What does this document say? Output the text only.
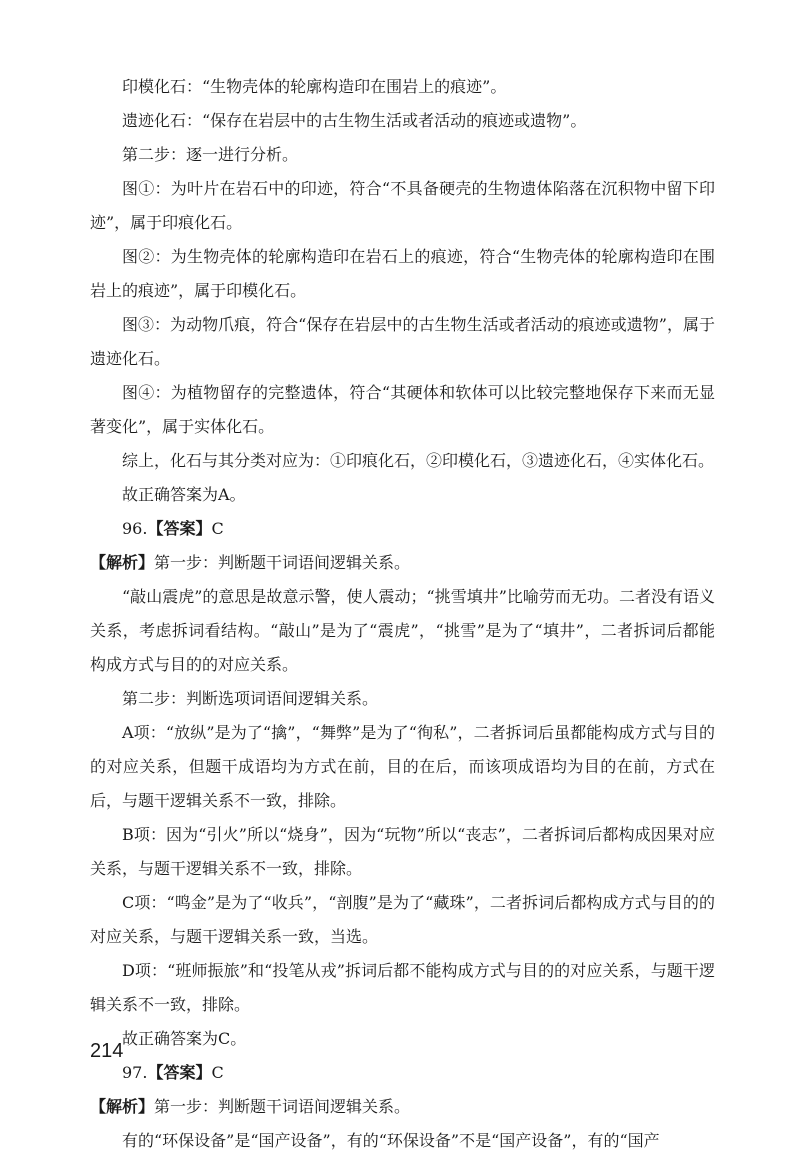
印模化石：“生物壳体的轮廓构造印在围岩上的痕迹”。

遗迹化石：“保存在岩层中的古生物生活或者活动的痕迹或遗物”。

第二步：逐一进行分析。

图①：为叶片在岩石中的印迹，符合“不具备硬壳的生物遗体陷落在沉积物中留下印迹”，属于印痕化石。

图②：为生物壳体的轮廓构造印在岩石上的痕迹，符合“生物壳体的轮廓构造印在围岩上的痕迹”，属于印模化石。

图③：为动物爪痕，符合“保存在岩层中的古生物生活或者活动的痕迹或遗物”，属于遗迹化石。

图④：为植物留存的完整遗体，符合“其硬体和软体可以比较完整地保存下来而无显著变化”，属于实体化石。

综上，化石与其分类对应为：①印痕化石，②印模化石，③遗迹化石，④实体化石。

故正确答案为A。

96.【答案】C

【解析】第一步：判断题干词语间逻辑关系。

“敲山震虎”的意思是故意示警，使人震动；“挑雪填井”比喻劳而无功。二者没有语义关系，考虑拆词看结构。“敲山”是为了“震虎”，“挑雪”是为了“填井”，二者拆词后都能构成方式与目的的对应关系。

第二步：判断选项词语间逻辑关系。

A项：“放纵”是为了“擒”，“舞弊”是为了“徇私”，二者拆词后虽都能构成方式与目的的对应关系，但题干成语均为方式在前，目的在后，而该项成语均为目的在前，方式在后，与题干逻辑关系不一致，排除。

B项：因为“引火”所以“烧身”，因为“玩物”所以“丧志”，二者拆词后都构成因果对应关系，与题干逻辑关系不一致，排除。

C项：“鸣金”是为了“收兵”，“剖腹”是为了“藏珠”，二者拆词后都构成方式与目的的对应关系，与题干逻辑关系一致，当选。

D项：“班师振旅”和“投笔从戎”拆词后都不能构成方式与目的的对应关系，与题干逻辑关系不一致，排除。

故正确答案为C。

97.【答案】C

【解析】第一步：判断题干词语间逻辑关系。

有的“环保设备”是“国产设备”，有的“环保设备”不是“国产设备”，有的“国产

214
